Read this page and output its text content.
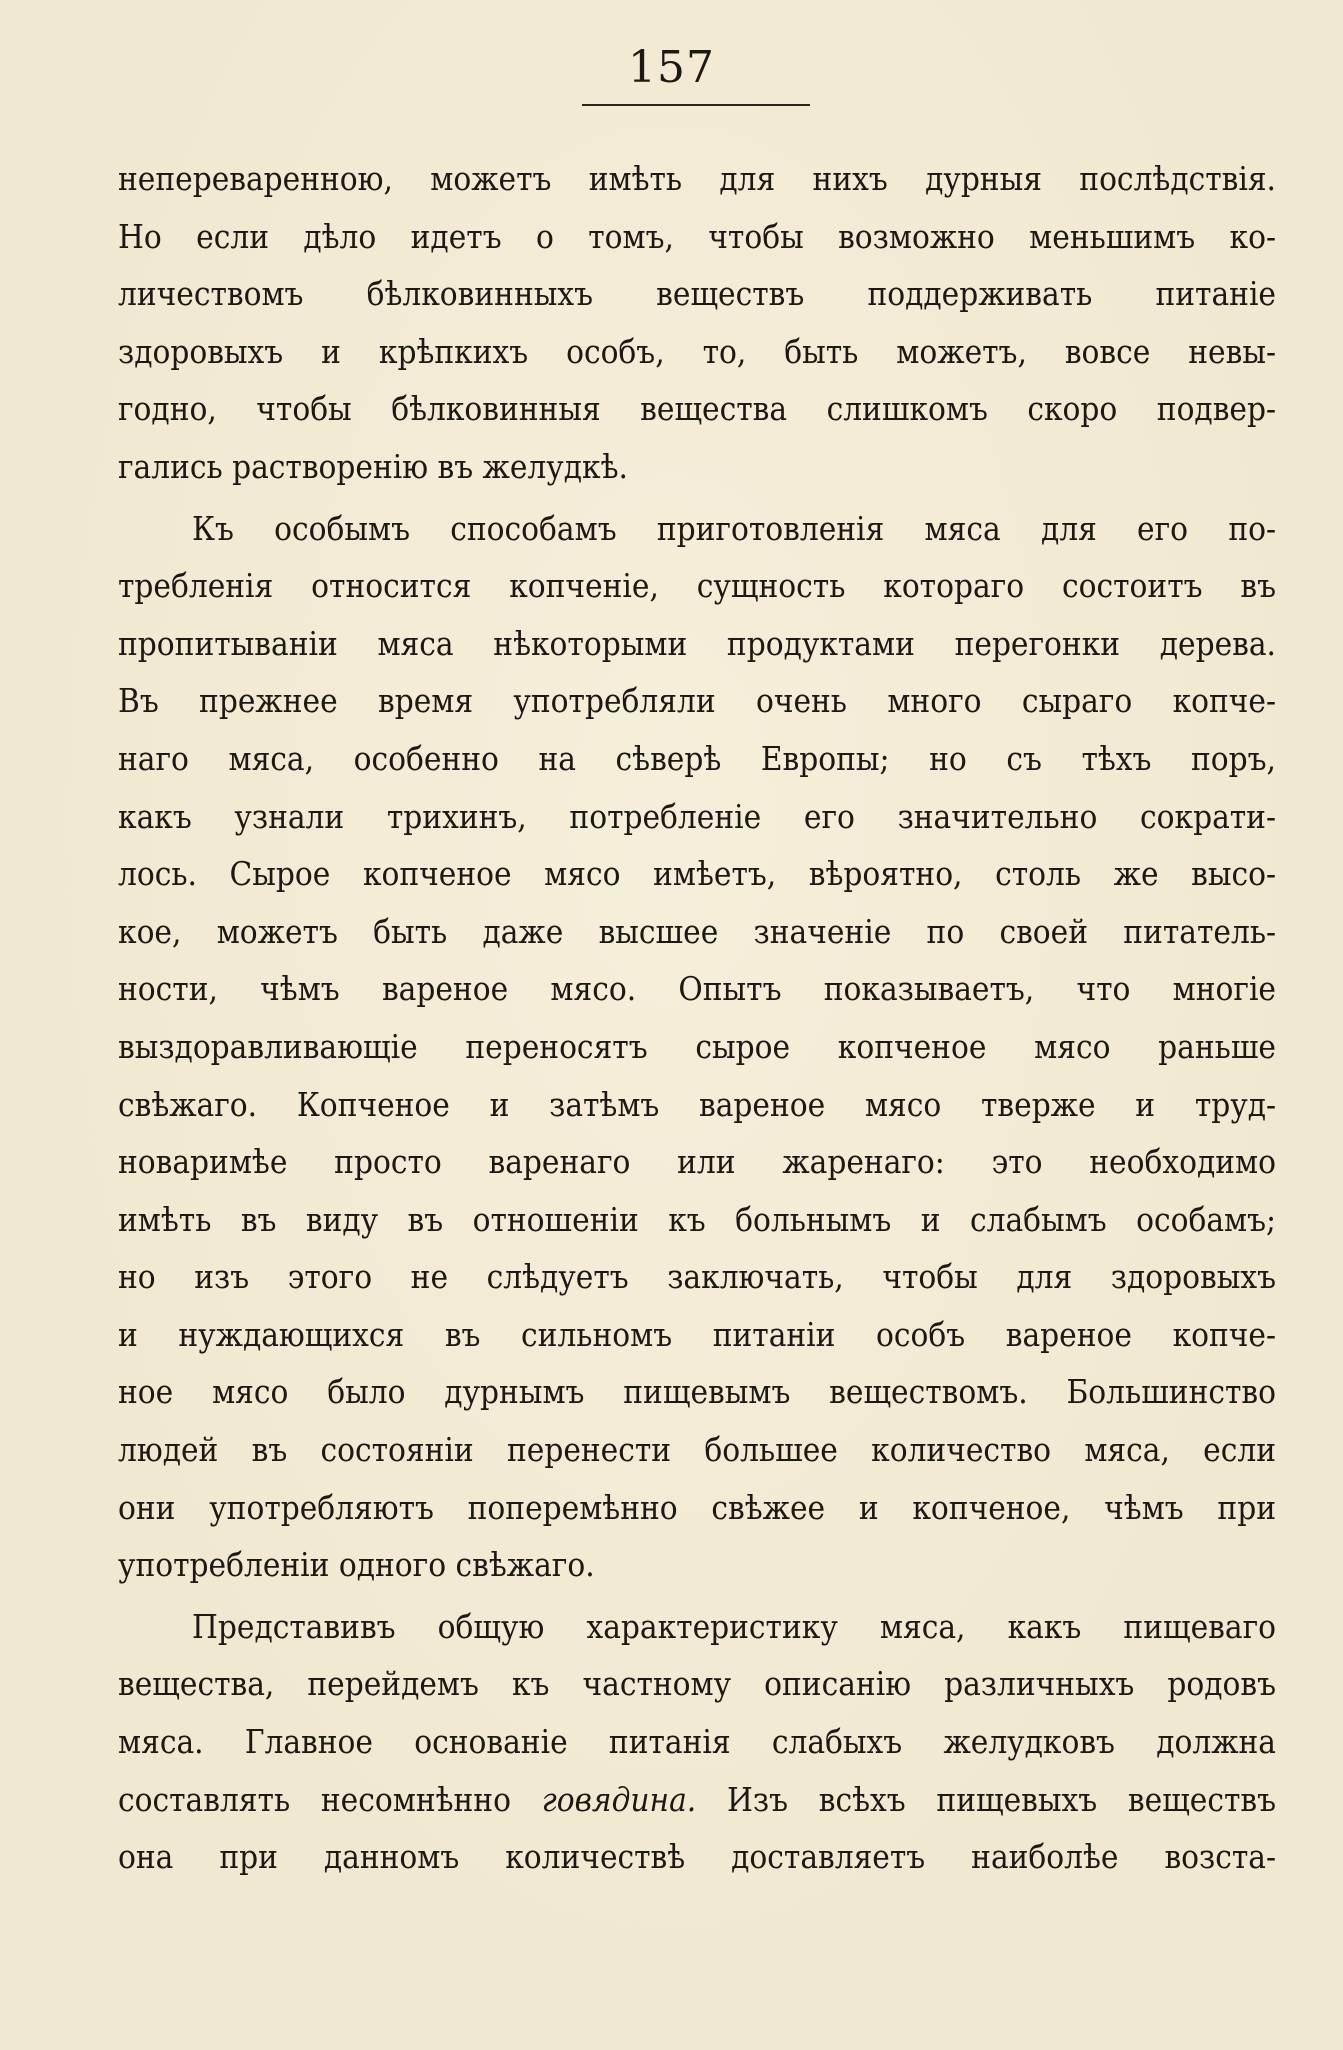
157
непереваренною, можетъ имѣть для нихъ дурныя послѣдствія.
Но если дѣло идетъ о томъ, чтобы возможно меньшимъ ко-
личествомъ бѣлковинныхъ веществъ поддерживать питаніе
здоровыхъ и крѣпкихъ особъ, то, быть можетъ, вовсе невы-
годно, чтобы бѣлковинныя вещества слишкомъ скоро подвер-
гались растворенію въ желудкѣ.
Къ особымъ способамъ приготовленія мяса для его по-
требленія относится копченіе, сущность котораго состоитъ въ
пропитываніи мяса нѣкоторыми продуктами перегонки дерева.
Въ прежнее время употребляли очень много сыраго копче-
наго мяса, особенно на сѣверѣ Европы; но съ тѣхъ поръ,
какъ узнали трихинъ, потребленіе его значительно сократи-
лось. Сырое копченое мясо имѣетъ, вѣроятно, столь же высо-
кое, можетъ быть даже высшее значеніе по своей питатель-
ности, чѣмъ вареное мясо. Опытъ показываетъ, что многіе
выздоравливающіе переносятъ сырое копченое мясо раньше
свѣжаго. Копченое и затѣмъ вареное мясо тверже и труд-
новаримѣе просто варенаго или жаренаго: это необходимо
имѣть въ виду въ отношеніи къ больнымъ и слабымъ особамъ;
но изъ этого не слѣдуетъ заключать, чтобы для здоровыхъ
и нуждающихся въ сильномъ питаніи особъ вареное копче-
ное мясо было дурнымъ пищевымъ веществомъ. Большинство
людей въ состояніи перенести большее количество мяса, если
они употребляютъ поперемѣнно свѣжее и копченое, чѣмъ при
употребленіи одного свѣжаго.
Представивъ общую характеристику мяса, какъ пищеваго
вещества, перейдемъ къ частному описанію различныхъ родовъ
мяса. Главное основаніе питанія слабыхъ желудковъ должна
составлять несомнѣнно говядина. Изъ всѣхъ пищевыхъ веществъ
она при данномъ количествѣ доставляетъ наиболѣе возста-
